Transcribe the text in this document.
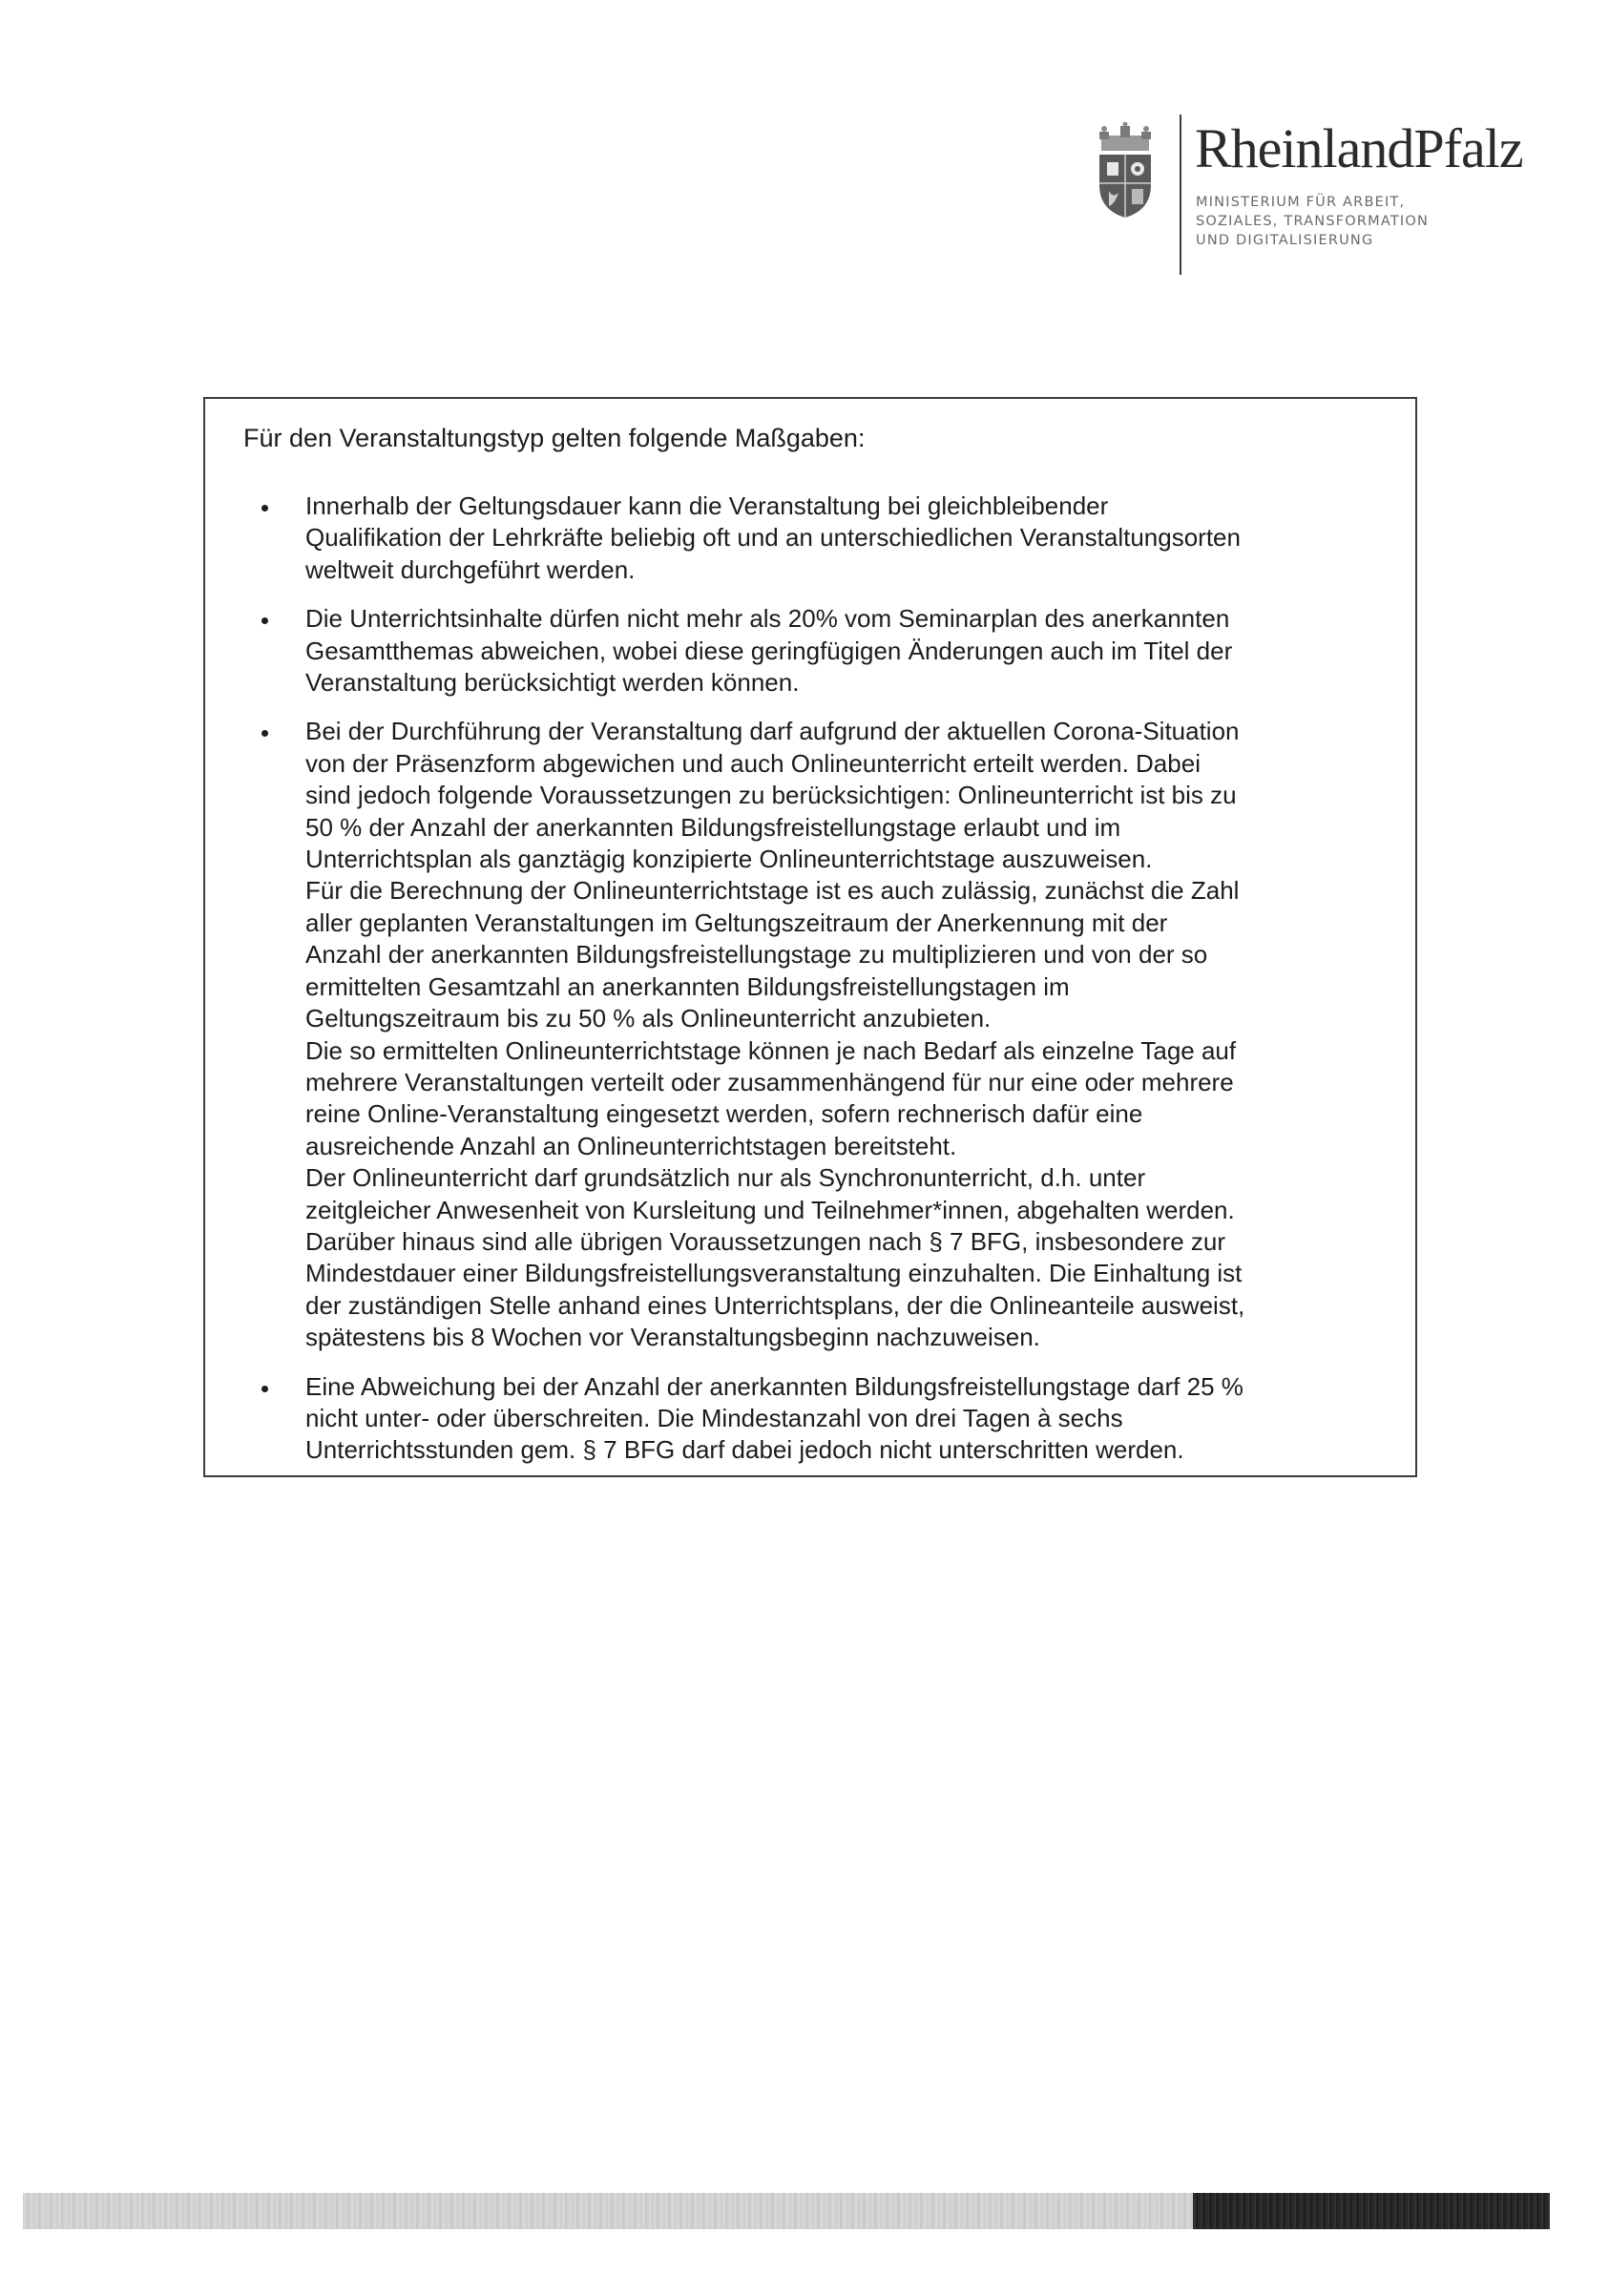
RheinlandPfalz
MINISTERIUM FÜR ARBEIT,
SOZIALES, TRANSFORMATION
UND DIGITALISIERUNG
Für den Veranstaltungstyp gelten folgende Maßgaben:
Innerhalb der Geltungsdauer kann die Veranstaltung bei gleichbleibender
Qualifikation der Lehrkräfte beliebig oft und an unterschiedlichen Veranstaltungsorten
weltweit durchgeführt werden.
Die Unterrichtsinhalte dürfen nicht mehr als 20% vom Seminarplan des anerkannten
Gesamtthemas abweichen, wobei diese geringfügigen Änderungen auch im Titel der
Veranstaltung berücksichtigt werden können.
Bei der Durchführung der Veranstaltung darf aufgrund der aktuellen Corona-Situation
von der Präsenzform abgewichen und auch Onlineunterricht erteilt werden. Dabei
sind jedoch folgende Voraussetzungen zu berücksichtigen: Onlineunterricht ist bis zu
50 % der Anzahl der anerkannten Bildungsfreistellungstage erlaubt und im
Unterrichtsplan als ganztägig konzipierte Onlineunterrichtstage auszuweisen.
Für die Berechnung der Onlineunterrichtstage ist es auch zulässig, zunächst die Zahl
aller geplanten Veranstaltungen im Geltungszeitraum der Anerkennung mit der
Anzahl der anerkannten Bildungsfreistellungstage zu multiplizieren und von der so
ermittelten Gesamtzahl an anerkannten Bildungsfreistellungstagen im
Geltungszeitraum bis zu 50 % als Onlineunterricht anzubieten.
Die so ermittelten Onlineunterrichtstage können je nach Bedarf als einzelne Tage auf
mehrere Veranstaltungen verteilt oder zusammenhängend für nur eine oder mehrere
reine Online-Veranstaltung eingesetzt werden, sofern rechnerisch dafür eine
ausreichende Anzahl an Onlineunterrichtstagen bereitsteht.
Der Onlineunterricht darf grundsätzlich nur als Synchronunterricht, d.h. unter
zeitgleicher Anwesenheit von Kursleitung und Teilnehmer*innen, abgehalten werden.
Darüber hinaus sind alle übrigen Voraussetzungen nach § 7 BFG, insbesondere zur
Mindestdauer einer Bildungsfreistellungsveranstaltung einzuhalten. Die Einhaltung ist
der zuständigen Stelle anhand eines Unterrichtsplans, der die Onlineanteile ausweist,
spätestens bis 8 Wochen vor Veranstaltungsbeginn nachzuweisen.
Eine Abweichung bei der Anzahl der anerkannten Bildungsfreistellungstage darf 25 %
nicht unter- oder überschreiten. Die Mindestanzahl von drei Tagen à sechs
Unterrichtsstunden gem. § 7 BFG darf dabei jedoch nicht unterschritten werden.
